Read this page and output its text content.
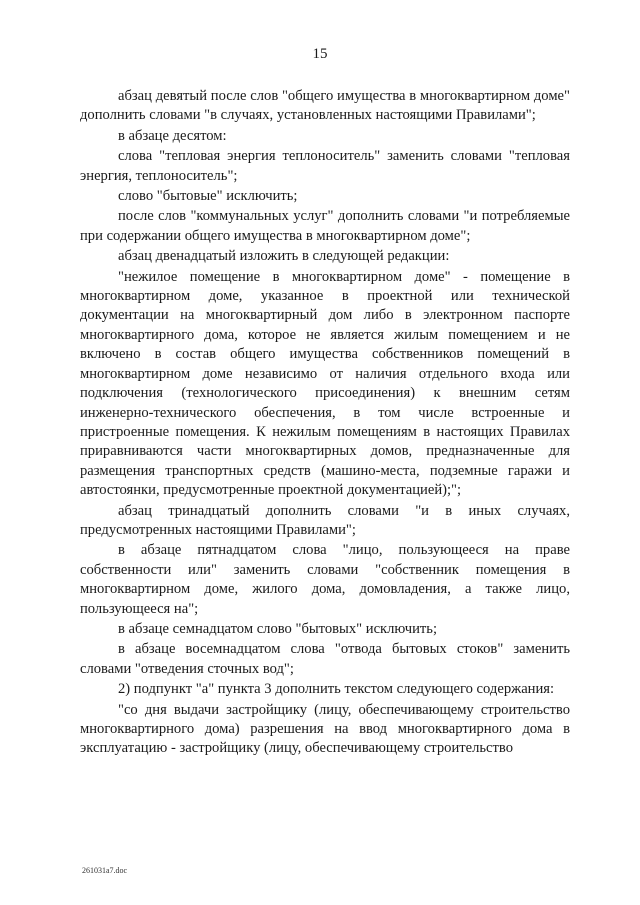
15

абзац девятый после слов "общего имущества в многоквартирном доме" дополнить словами "в случаях, установленных настоящими Правилами";

в абзаце десятом:

слова "тепловая энергия теплоноситель" заменить словами "тепловая энергия, теплоноситель";

слово "бытовые" исключить;

после слов "коммунальных услуг" дополнить словами "и потребляемые при содержании общего имущества в многоквартирном доме";

абзац двенадцатый изложить в следующей редакции:

"нежилое помещение в многоквартирном доме" - помещение в многоквартирном доме, указанное в проектной или технической документации на многоквартирный дом либо в электронном паспорте многоквартирного дома, которое не является жилым помещением и не включено в состав общего имущества собственников помещений в многоквартирном доме независимо от наличия отдельного входа или подключения (технологического присоединения) к внешним сетям инженерно-технического обеспечения, в том числе встроенные и пристроенные помещения. К нежилым помещениям в настоящих Правилах приравниваются части многоквартирных домов, предназначенные для размещения транспортных средств (машино-места, подземные гаражи и автостоянки, предусмотренные проектной документацией);";

абзац тринадцатый дополнить словами "и в иных случаях, предусмотренных настоящими Правилами";

в абзаце пятнадцатом слова "лицо, пользующееся на праве собственности или" заменить словами "собственник помещения в многоквартирном доме, жилого дома, домовладения, а также лицо, пользующееся на";

в абзаце семнадцатом слово "бытовых" исключить;

в абзаце восемнадцатом слова "отвода бытовых стоков" заменить словами "отведения сточных вод";

2) подпункт "а" пункта 3 дополнить текстом следующего содержания:

"со дня выдачи застройщику (лицу, обеспечивающему строительство многоквартирного дома) разрешения на ввод многоквартирного дома в эксплуатацию - застройщику (лицу, обеспечивающему строительство

261031a7.doc
